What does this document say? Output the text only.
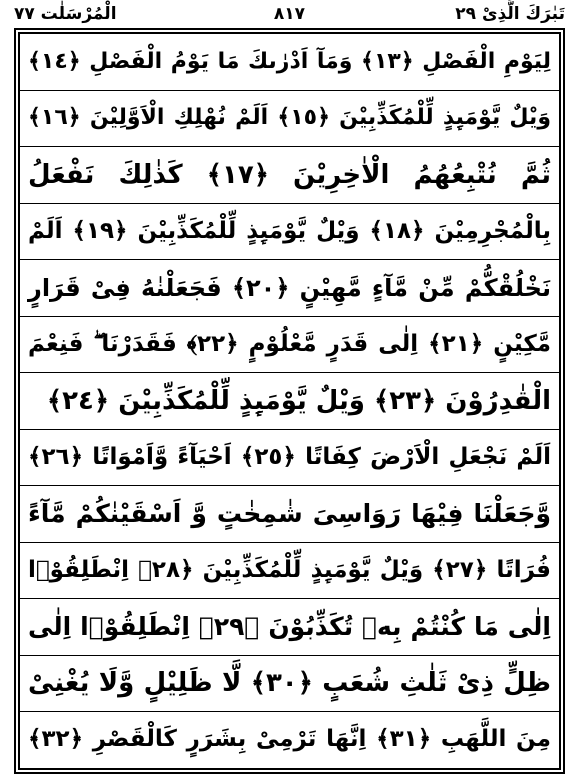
تَبٰرَكَ الَّذِیْ ٢٩
٨١٧
الْمُرْسَلٰت ٧٧
لِیَوْمِ الْفَصْلِ ﴿١٣﴾ وَمَآ اَدْرٰىكَ مَا یَوْمُ الْفَصْلِ ﴿١٤﴾
وَیْلٌ یَّوْمَىِٕذٍ لِّلْمُكَذِّبِیْنَ ﴿١٥﴾ اَلَمْ نُهْلِكِ الْاَوَّلِیْنَ ﴿١٦﴾
ثُمَّ نُتْبِعُهُمُ الْاٰخِرِیْنَ ﴿١٧﴾ كَذٰلِكَ نَفْعَلُ
بِالْمُجْرِمِیْنَ ﴿١٨﴾ وَیْلٌ یَّوْمَىِٕذٍ لِّلْمُكَذِّبِیْنَ ﴿١٩﴾ اَلَمْ
نَخْلُقْكُّمْ مِّنْ مَّآءٍ مَّهِیْنٍ ﴿٢٠﴾ فَجَعَلْنٰهُ فِیْ قَرَارٍ
مَّكِیْنٍ ﴿٢١﴾ اِلٰى قَدَرٍ مَّعْلُوْمٍ ﴿٢٢﴾ فَقَدَرْنَا ۖ فَنِعْمَ
الْقٰدِرُوْنَ ﴿٢٣﴾ وَیْلٌ یَّوْمَىِٕذٍ لِّلْمُكَذِّبِیْنَ ﴿٢٤﴾
اَلَمْ نَجْعَلِ الْاَرْضَ كِفَاتًا ﴿٢٥﴾ اَحْیَآءً وَّاَمْوَاتًا ﴿٢٦﴾
وَّجَعَلْنَا فِیْهَا رَوَاسِیَ شٰمِخٰتٍ وَّ اَسْقَیْنٰكُمْ مَّآءً
فُرَاتًا ﴿٢٧﴾ وَیْلٌ یَّوْمَىِٕذٍ لِّلْمُكَذِّبِیْنَ ﴿٢٨﴾ اِنْطَلِقُوْۤا
اِلٰى مَا كُنْتُمْ بِهٖ تُكَذِّبُوْنَ ﴿٢٩﴾ اِنْطَلِقُوْۤا اِلٰى
ظِلٍّ ذِیْ ثَلٰثِ شُعَبٍ ﴿٣٠﴾ لَّا ظَلِیْلٍ وَّلَا یُغْنِیْ
مِنَ اللَّهَبِ ﴿٣١﴾ اِنَّهَا تَرْمِیْ بِشَرَرٍ كَالْقَصْرِ ﴿٣٢﴾
